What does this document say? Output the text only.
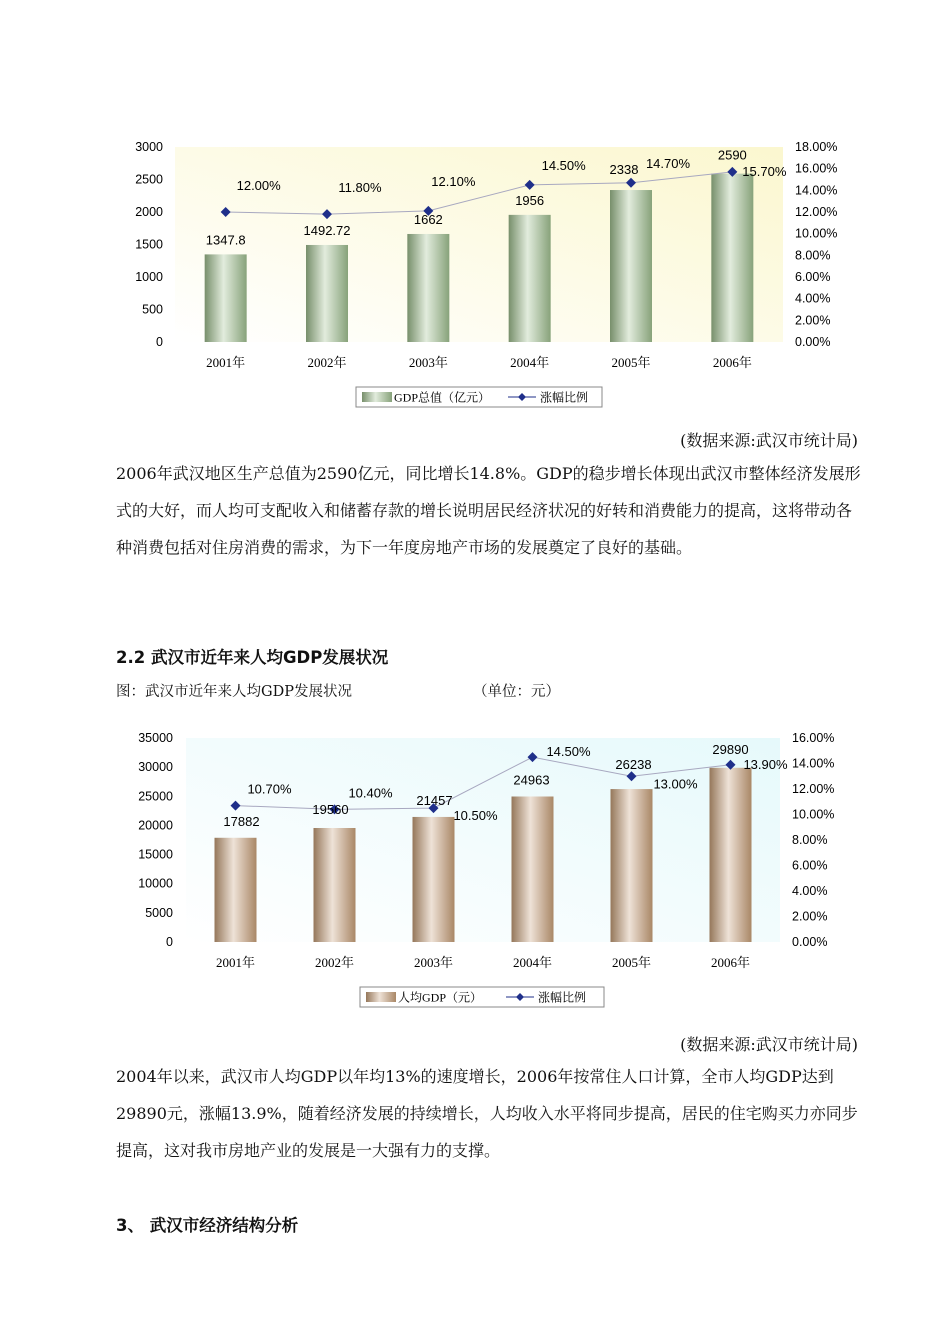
0
500
1000
1500
2000
2500
3000
0.00%
2.00%
4.00%
6.00%
8.00%
10.00%
12.00%
14.00%
16.00%
18.00%
2001年	2002年	2003年	2004年	2005年	2006年
1347.8
1492.72
1662
1956
2338
2590
12.00%	11.80%	12.10%
14.50%	14.70%
15.70%
GDP总值（亿元）	涨幅比例
(数据来源:武汉市统计局)

2006年武汉地区生产总值为2590亿元，同比增长14.8%。GDP的稳步增长体现出武汉市整体经济发展形式的大好，而人均可支配收入和储蓄存款的增长说明居民经济状况的好转和消费能力的提高，这将带动各种消费包括对住房消费的需求，为下一年度房地产市场的发展奠定了良好的基础。

2.2 武汉市近年来人均GDP发展状况
图：武汉市近年来人均GDP发展状况	（单位：元）
0
5000
10000
15000
20000
25000
30000
35000
0.00%
2.00%
4.00%
6.00%
8.00%
10.00%
12.00%
14.00%
16.00%
2001年	2002年	2003年	2004年	2005年	2006年
17882
19560
21457
24963
26238
29890
10.70%	10.40%
10.50%
14.50%
13.00%
13.90%
人均GDP（元）	涨幅比例
(数据来源:武汉市统计局)

2004年以来，武汉市人均GDP以年均13%的速度增长，2006年按常住人口计算，全市人均GDP达到29890元，涨幅13.9%，随着经济发展的持续增长，人均收入水平将同步提高，居民的住宅购买力亦同步提高，这对我市房地产业的发展是一大强有力的支撑。

3、 武汉市经济结构分析
